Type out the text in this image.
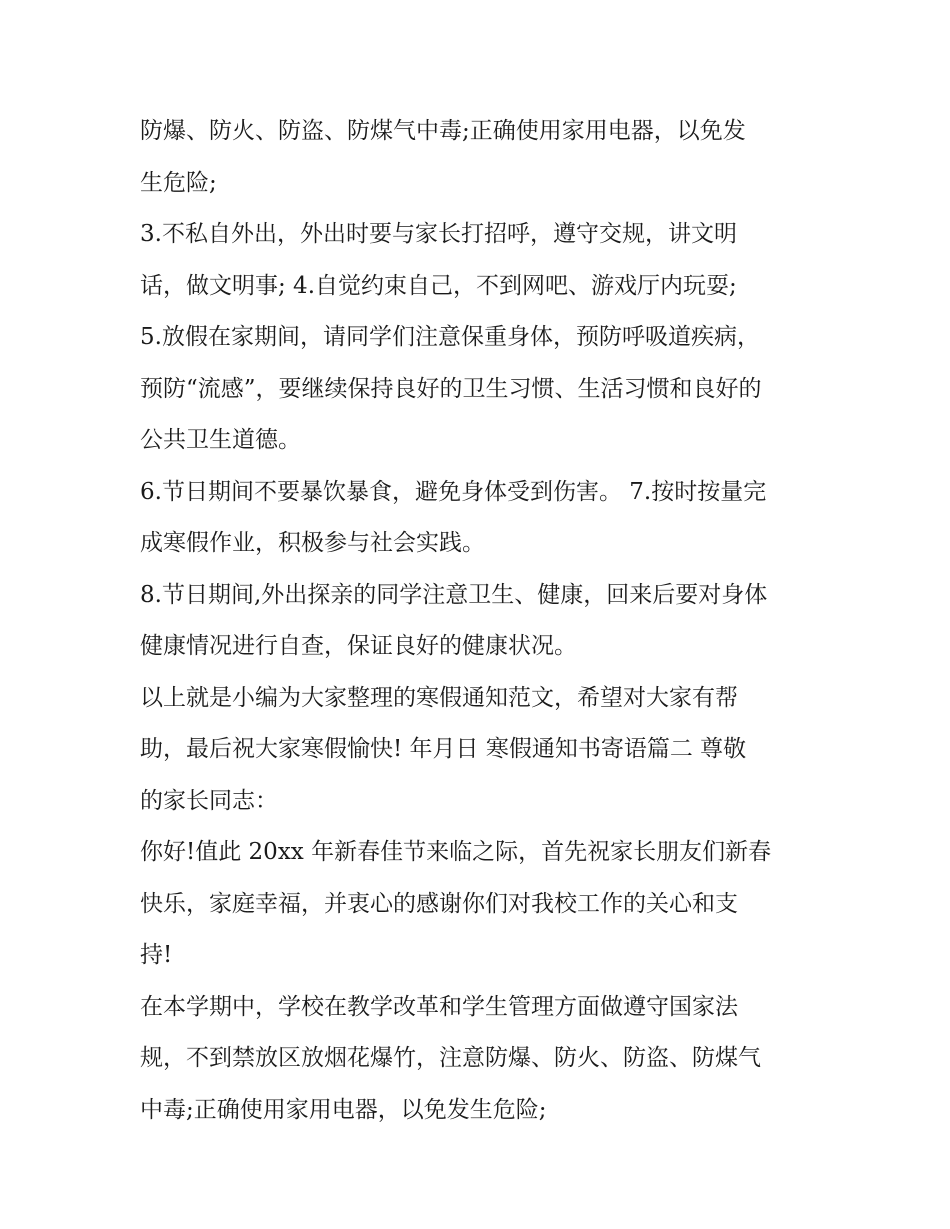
防爆、防火、防盗、防煤气中毒;正确使用家用电器，以免发
生危险;
3.不私自外出，外出时要与家长打招呼，遵守交规，讲文明
话，做文明事; 4.自觉约束自己，不到网吧、游戏厅内玩耍;
5.放假在家期间，请同学们注意保重身体，预防呼吸道疾病，
预防“流感”，要继续保持良好的卫生习惯、生活习惯和良好的
公共卫生道德。
6.节日期间不要暴饮暴食，避免身体受到伤害。 7.按时按量完
成寒假作业，积极参与社会实践。
8.节日期间,外出探亲的同学注意卫生、健康，回来后要对身体
健康情况进行自查，保证良好的健康状况。
以上就是小编为大家整理的寒假通知范文，希望对大家有帮
助，最后祝大家寒假愉快! 年月日 寒假通知书寄语篇二 尊敬
的家长同志：
你好!值此 20xx 年新春佳节来临之际，首先祝家长朋友们新春
快乐，家庭幸福，并衷心的感谢你们对我校工作的关心和支
持!
在本学期中，学校在教学改革和学生管理方面做遵守国家法
规，不到禁放区放烟花爆竹，注意防爆、防火、防盗、防煤气
中毒;正确使用家用电器，以免发生危险;
